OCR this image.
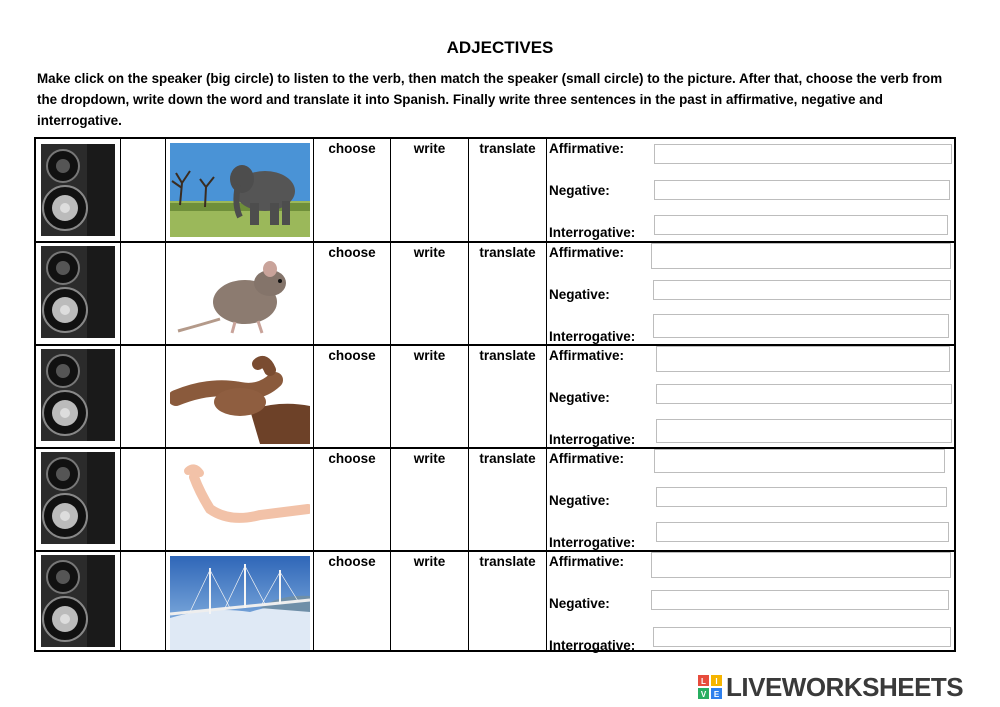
ADJECTIVES
Make click on the speaker (big circle) to listen to the verb, then match the speaker (small circle) to the picture. After that, choose the verb from the dropdown, write down the word and translate it into Spanish. Finally write three sentences in the past in affirmative, negative and interrogative.
choose	write	translate Affirmative:
Negative:
Interrogative:
choose	write	translate Affirmative:
Negative:
Interrogative:
choose	write	translate Affirmative:
Negative:
Interrogative:
choose	write	translate Affirmative:
Negative:
Interrogative:
choose	write	translate Affirmative:
Negative:
Interrogative:
L I
V E LIVEWORKSHEETS
